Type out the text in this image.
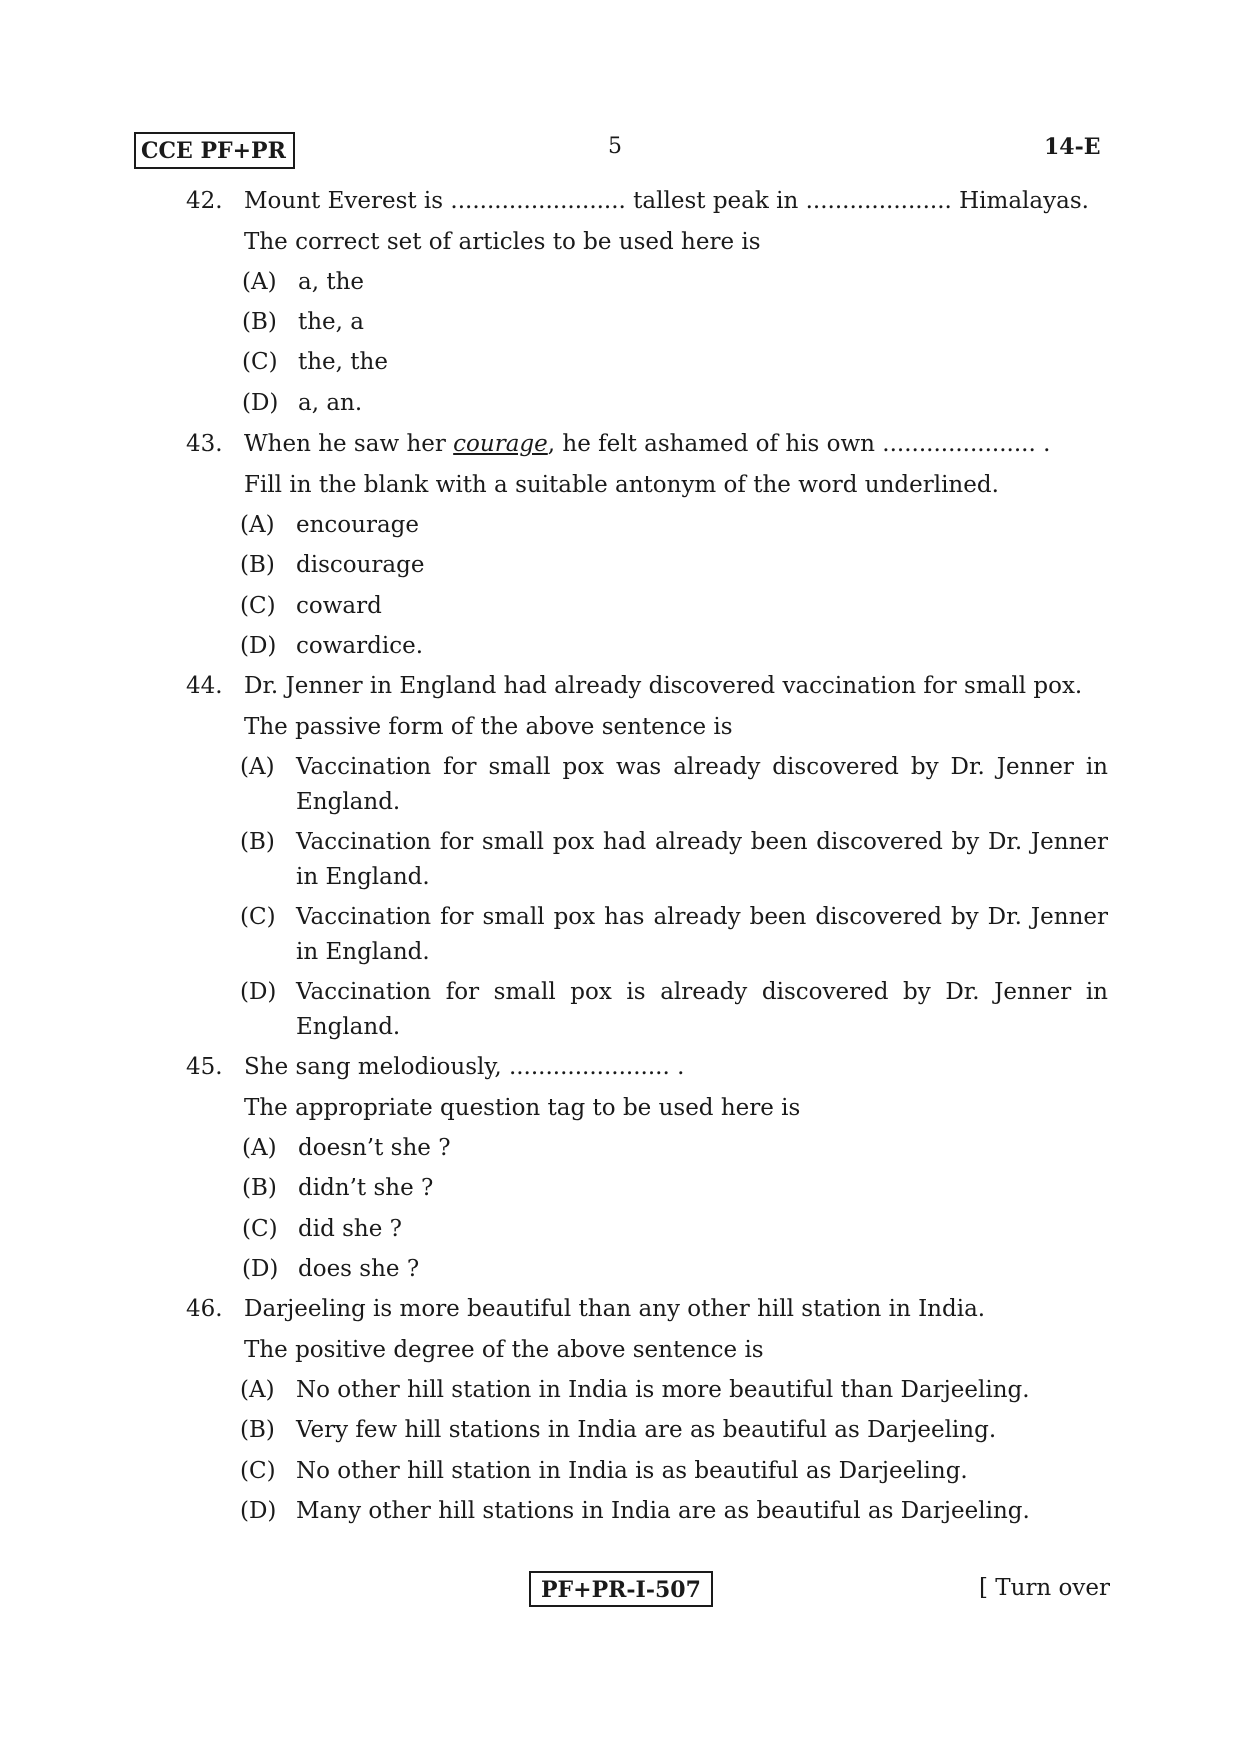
CCE PF+PR	5	14-E
42. Mount Everest is ........................ tallest peak in .................... Himalayas.
The correct set of articles to be used here is
(A) a, the
(B) the, a
(C) the, the
(D) a, an.
43. When he saw her courage, he felt ashamed of his own ..................... .
Fill in the blank with a suitable antonym of the word underlined.
(A) encourage
(B) discourage
(C) coward
(D) cowardice.
44. Dr. Jenner in England had already discovered vaccination for small pox.
The passive form of the above sentence is
(A) Vaccination for small pox was already discovered by Dr. Jenner in England.
(B) Vaccination for small pox had already been discovered by Dr. Jenner in England.
(C) Vaccination for small pox has already been discovered by Dr. Jenner in England.
(D) Vaccination for small pox is already discovered by Dr. Jenner in England.
45. She sang melodiously, ...................... .
The appropriate question tag to be used here is
(A) doesn’t she ?
(B) didn’t she ?
(C) did she ?
(D) does she ?
46. Darjeeling is more beautiful than any other hill station in India.
The positive degree of the above sentence is
(A) No other hill station in India is more beautiful than Darjeeling.
(B) Very few hill stations in India are as beautiful as Darjeeling.
(C) No other hill station in India is as beautiful as Darjeeling.
(D) Many other hill stations in India are as beautiful as Darjeeling.
PF+PR-I-507	[ Turn over
